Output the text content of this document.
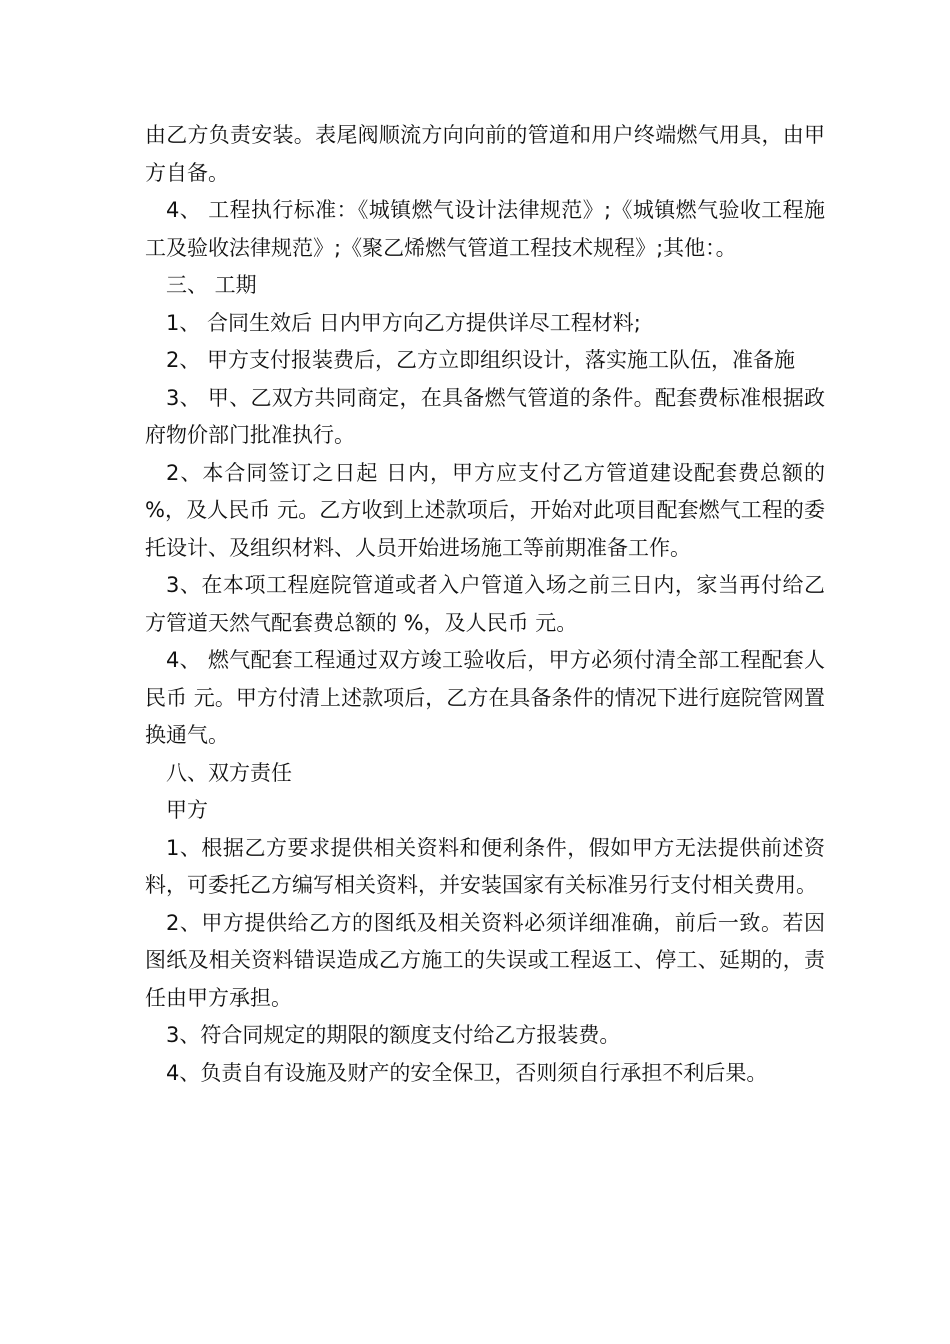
由乙方负责安装。表尾阀顺流方向向前的管道和用户终端燃气用具，由甲方自备。

4、 工程执行标准：《城镇燃气设计法律规范》;《城镇燃气验收工程施工及验收法律规范》;《聚乙烯燃气管道工程技术规程》;其他：。

三、 工期

1、 合同生效后 日内甲方向乙方提供详尽工程材料;

2、 甲方支付报装费后，乙方立即组织设计，落实施工队伍，准备施

3、 甲、乙双方共同商定，在具备燃气管道的条件。配套费标准根据政府物价部门批准执行。

2、本合同签订之日起 日内，甲方应支付乙方管道建设配套费总额的 %，及人民币 元。乙方收到上述款项后，开始对此项目配套燃气工程的委托设计、及组织材料、人员开始进场施工等前期准备工作。

3、在本项工程庭院管道或者入户管道入场之前三日内，家当再付给乙方管道天然气配套费总额的 %，及人民币 元。

4、 燃气配套工程通过双方竣工验收后，甲方必须付清全部工程配套人民币 元。甲方付清上述款项后，乙方在具备条件的情况下进行庭院管网置换通气。

八、双方责任

甲方

1、根据乙方要求提供相关资料和便利条件，假如甲方无法提供前述资料，可委托乙方编写相关资料，并安装国家有关标准另行支付相关费用。

2、甲方提供给乙方的图纸及相关资料必须详细准确，前后一致。若因图纸及相关资料错误造成乙方施工的失误或工程返工、停工、延期的，责任由甲方承担。

3、符合同规定的期限的额度支付给乙方报装费。

4、负责自有设施及财产的安全保卫，否则须自行承担不利后果。
